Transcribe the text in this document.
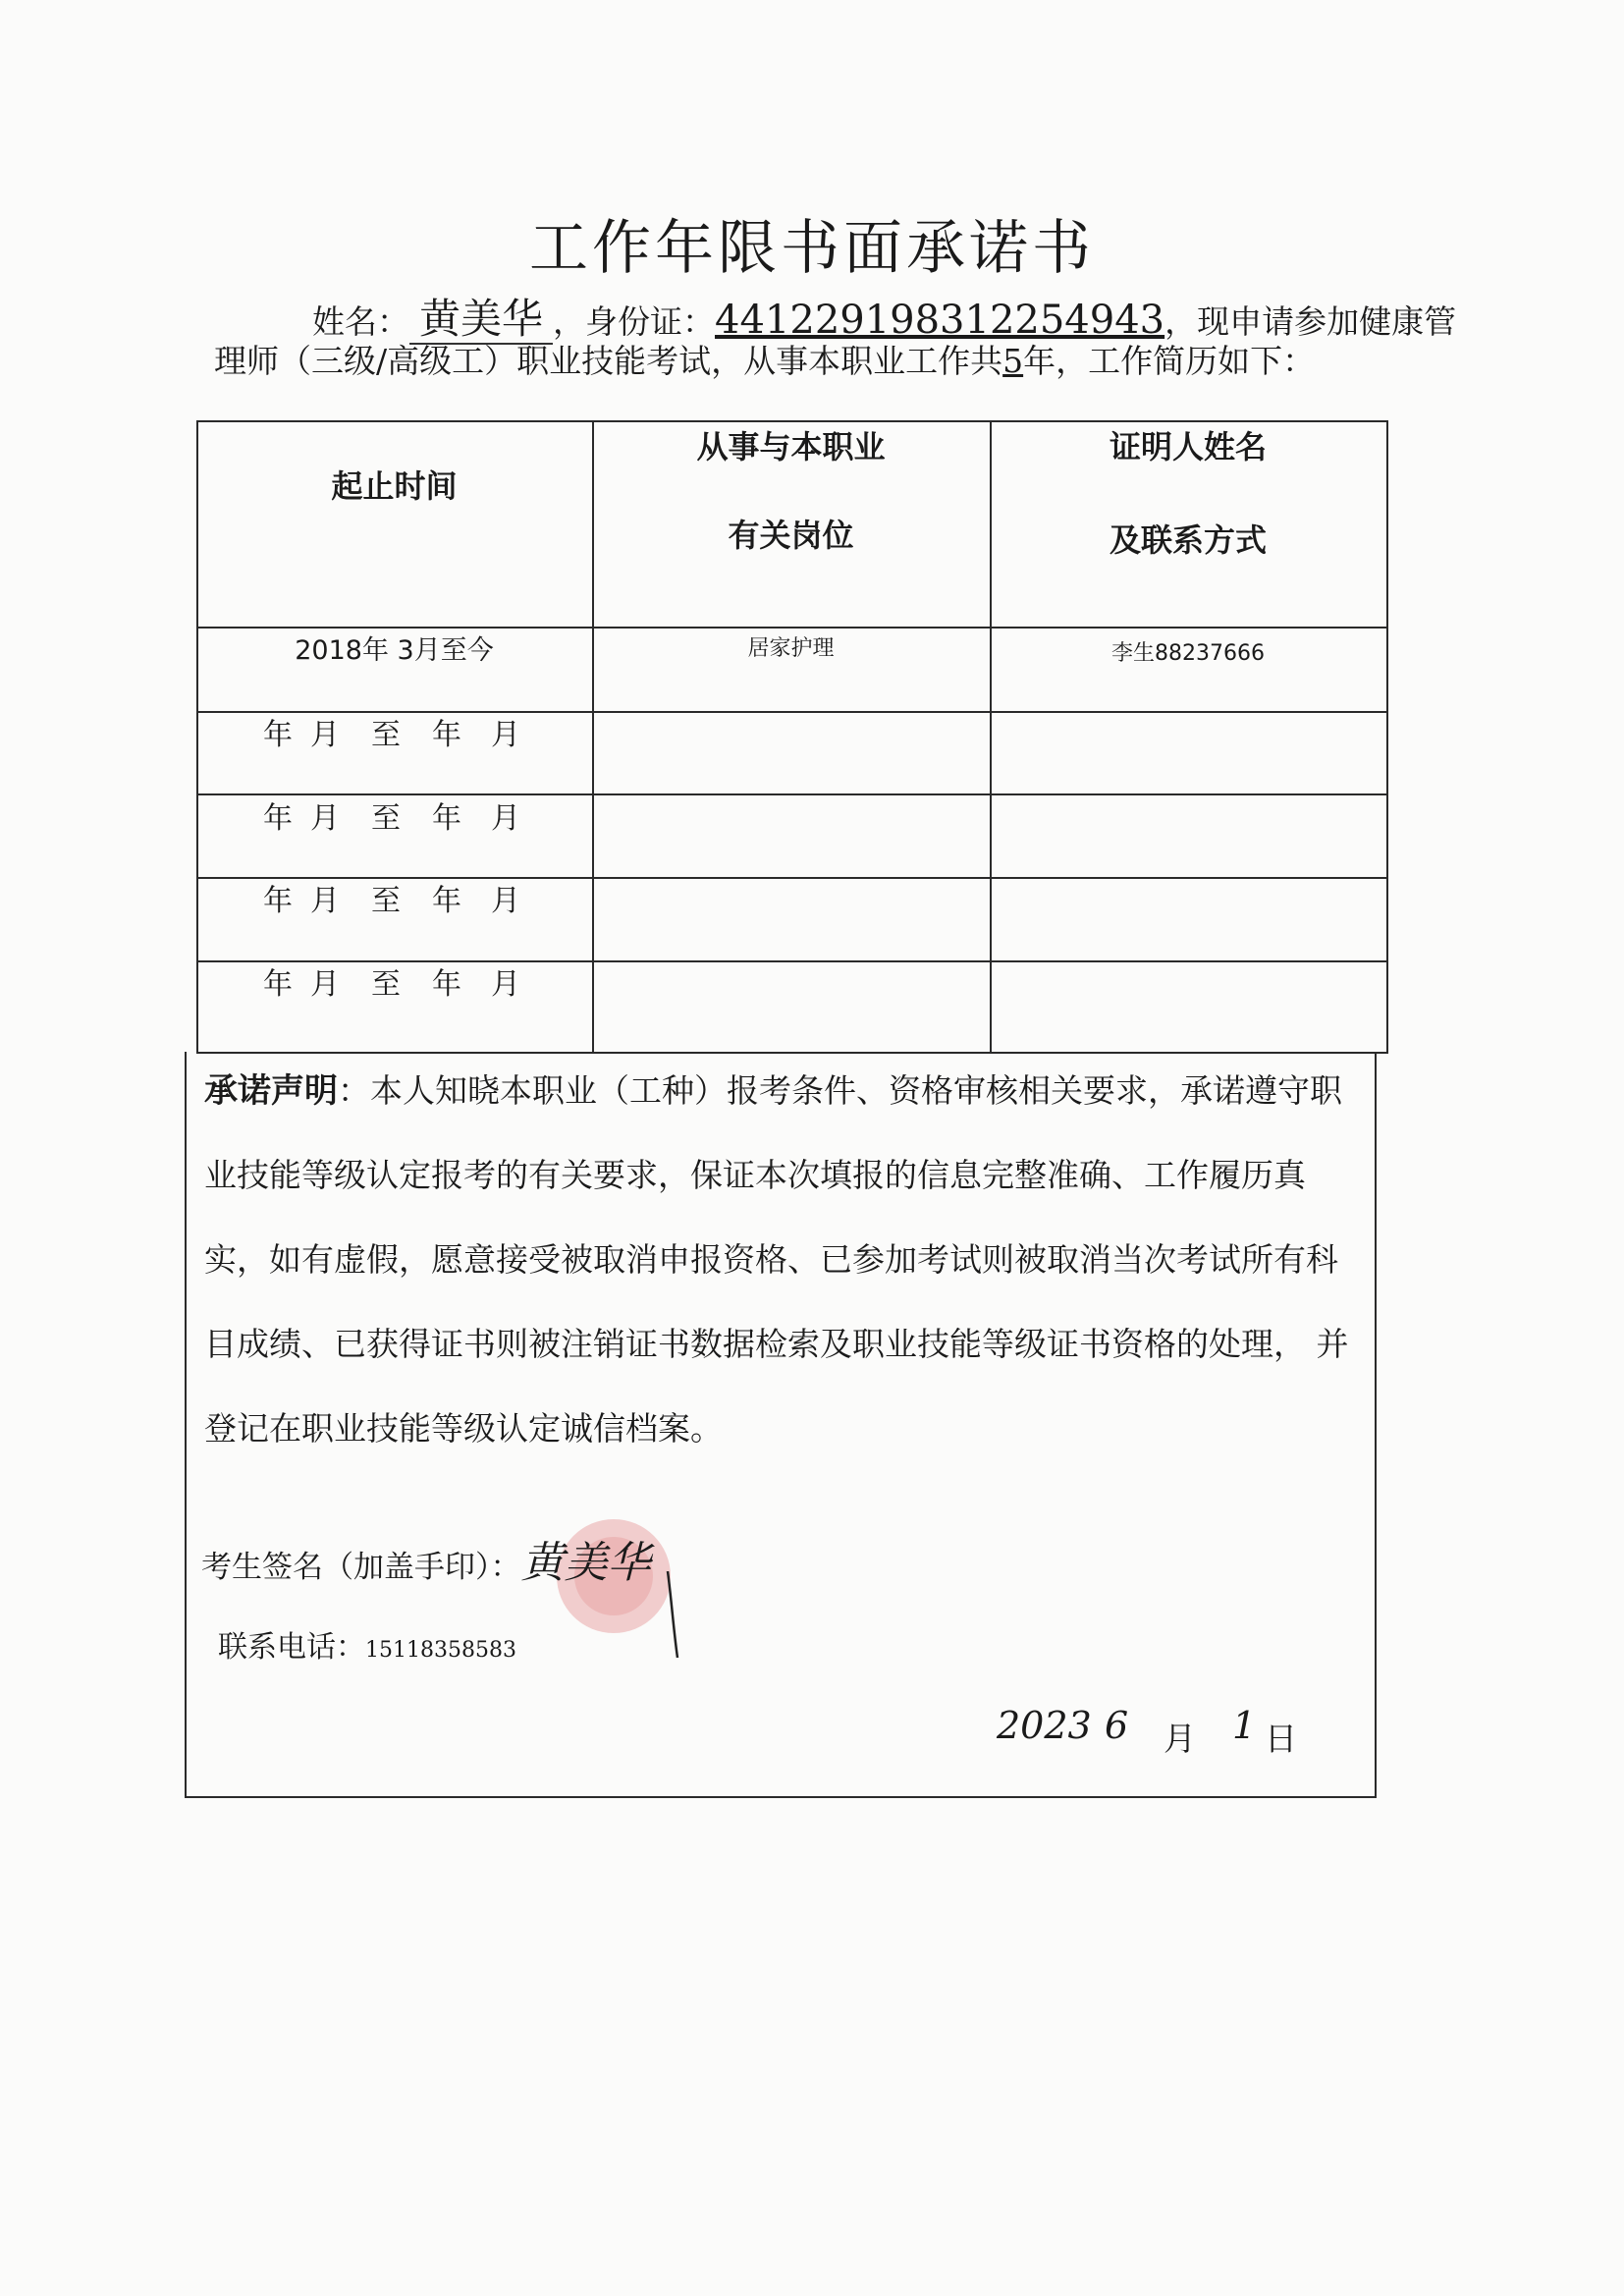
工作年限书面承诺书
姓名： 黄美华 ，身份证：441229198312254943，现申请参加健康管
理师（三级/高级工）职业技能考试，从事本职业工作共5年，工作简历如下：
起止时间
从事与本职业
有关岗位
证明人姓名
及联系方式
2018年 3月至今	居家护理	李生88237666
年 月 至 年 月
年 月 至 年 月
年 月 至 年 月
年 月 至 年 月
承诺声明：本人知晓本职业（工种）报考条件、资格审核相关要求，承诺遵守职业技能等级认定报考的有关要求，保证本次填报的信息完整准确、工作履历真实，如有虚假，愿意接受被取消申报资格、已参加考试则被取消当次考试所有科目成绩、已获得证书则被注销证书数据检索及职业技能等级证书资格的处理， 并登记在职业技能等级认定诚信档案。
考生签名（加盖手印）：黄美华
联系电话：15118358583
2023 6 月 1 日
